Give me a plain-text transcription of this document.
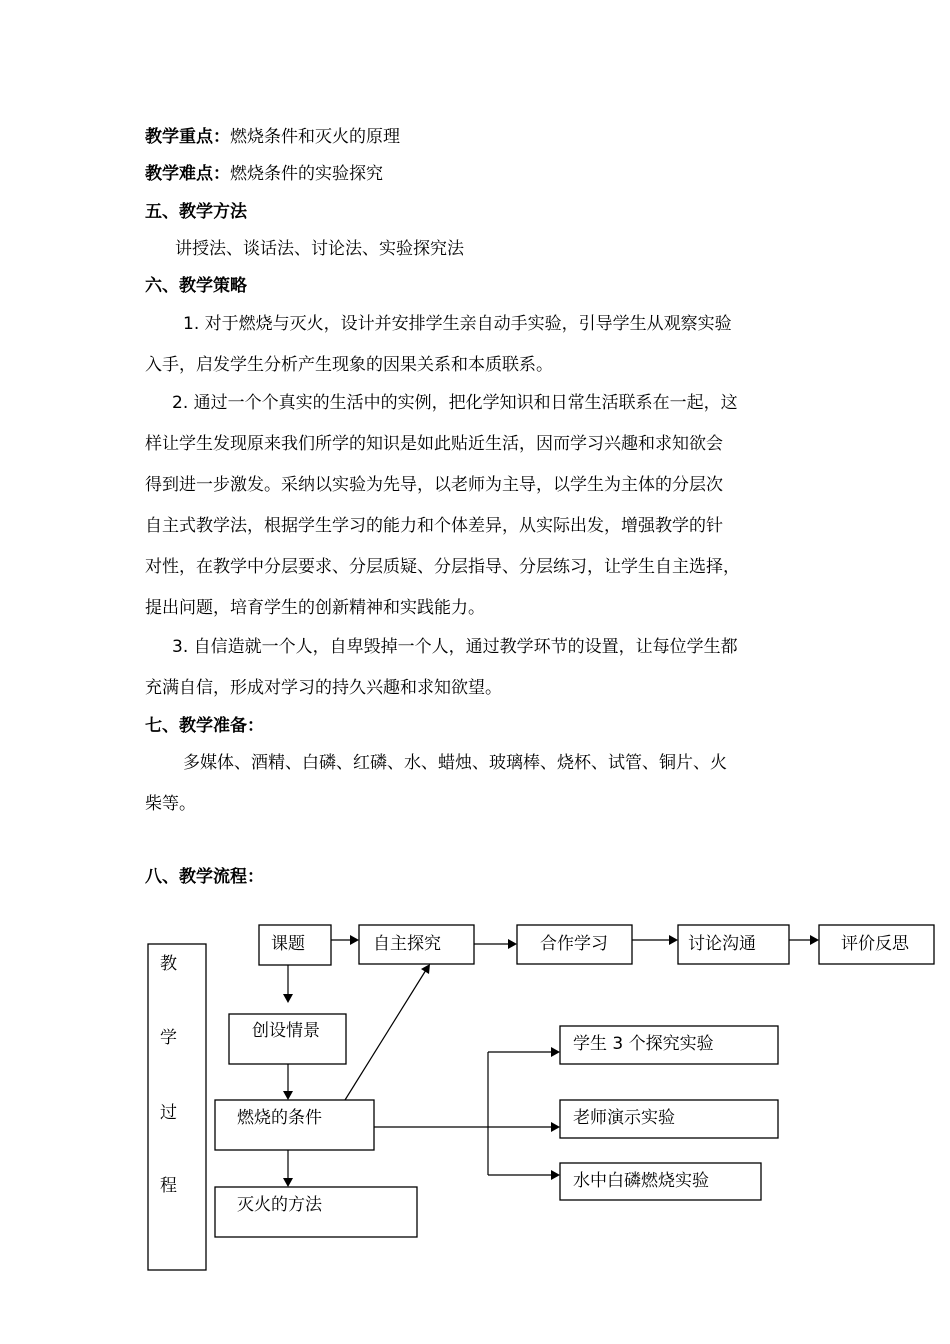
教学重点：燃烧条件和灭火的原理
教学难点：燃烧条件的实验探究
五、教学方法
讲授法、谈话法、讨论法、实验探究法
六、教学策略
1. 对于燃烧与灭火，设计并安排学生亲自动手实验，引导学生从观察实验
入手，启发学生分析产生现象的因果关系和本质联系。
2. 通过一个个真实的生活中的实例，把化学知识和日常生活联系在一起，这
样让学生发现原来我们所学的知识是如此贴近生活，因而学习兴趣和求知欲会
得到进一步激发。采纳以实验为先导，以老师为主导，以学生为主体的分层次
自主式教学法，根据学生学习的能力和个体差异，从实际出发，增强教学的针
对性，在教学中分层要求、分层质疑、分层指导、分层练习，让学生自主选择，
提出问题，培育学生的创新精神和实践能力。
3. 自信造就一个人，自卑毁掉一个人，通过教学环节的设置，让每位学生都
充满自信，形成对学习的持久兴趣和求知欲望。
七、教学准备：
多媒体、酒精、白磷、红磷、水、蜡烛、玻璃棒、烧杯、试管、铜片、火
柴等。
八、教学流程：
教
学
过
程
课题	自主探究	合作学习	讨论沟通	评价反思
创设情景
燃烧的条件
灭火的方法
学生 3 个探究实验
老师演示实验
水中白磷燃烧实验
